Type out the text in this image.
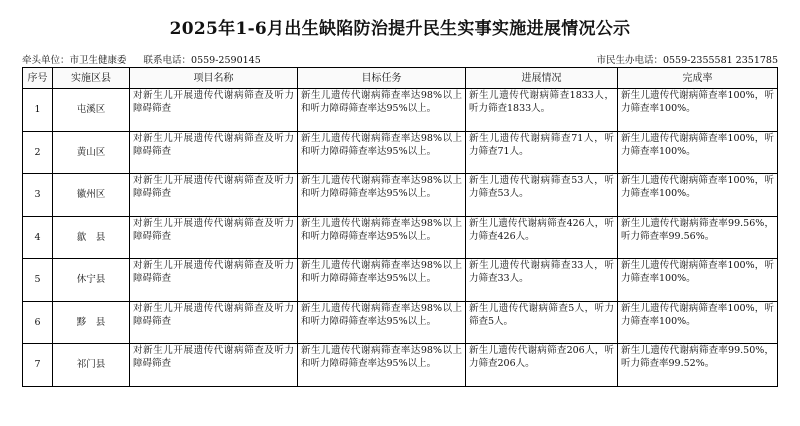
2025年1-6月出生缺陷防治提升民生实事实施进展情况公示
牵头单位：市卫生健康委 联系电话：0559-2590145	市民生办电话：0559-2355581 2351785
序号	实施区县	项目名称	目标任务	进展情况	完成率
1	屯溪区	对新生儿开展遗传代谢病筛查及听力障碍筛查	新生儿遗传代谢病筛查率达98%以上和听力障碍筛查率达95%以上。	新生儿遗传代谢病筛查1833人，听力筛查1833人。	新生儿遗传代谢病筛查率100%，听力筛查率100%。
2	黄山区	对新生儿开展遗传代谢病筛查及听力障碍筛查	新生儿遗传代谢病筛查率达98%以上和听力障碍筛查率达95%以上。	新生儿遗传代谢病筛查71人，听力筛查71人。	新生儿遗传代谢病筛查率100%，听力筛查率100%。
3	徽州区	对新生儿开展遗传代谢病筛查及听力障碍筛查	新生儿遗传代谢病筛查率达98%以上和听力障碍筛查率达95%以上。	新生儿遗传代谢病筛查53人，听力筛查53人。	新生儿遗传代谢病筛查率100%，听力筛查率100%。
4	歙　县	对新生儿开展遗传代谢病筛查及听力障碍筛查	新生儿遗传代谢病筛查率达98%以上和听力障碍筛查率达95%以上。	新生儿遗传代谢病筛查426人，听力筛查426人。	新生儿遗传代谢病筛查率99.56%，听力筛查率99.56%。
5	休宁县	对新生儿开展遗传代谢病筛查及听力障碍筛查	新生儿遗传代谢病筛查率达98%以上和听力障碍筛查率达95%以上。	新生儿遗传代谢病筛查33人，听力筛查33人。	新生儿遗传代谢病筛查率100%，听力筛查率100%。
6	黟　县	对新生儿开展遗传代谢病筛查及听力障碍筛查	新生儿遗传代谢病筛查率达98%以上和听力障碍筛查率达95%以上。	新生儿遗传代谢病筛查5人，听力筛查5人。	新生儿遗传代谢病筛查率100%，听力筛查率100%。
7	祁门县	对新生儿开展遗传代谢病筛查及听力障碍筛查	新生儿遗传代谢病筛查率达98%以上和听力障碍筛查率达95%以上。	新生儿遗传代谢病筛查206人，听力筛查206人。	新生儿遗传代谢病筛查率99.50%，听力筛查率99.52%。
